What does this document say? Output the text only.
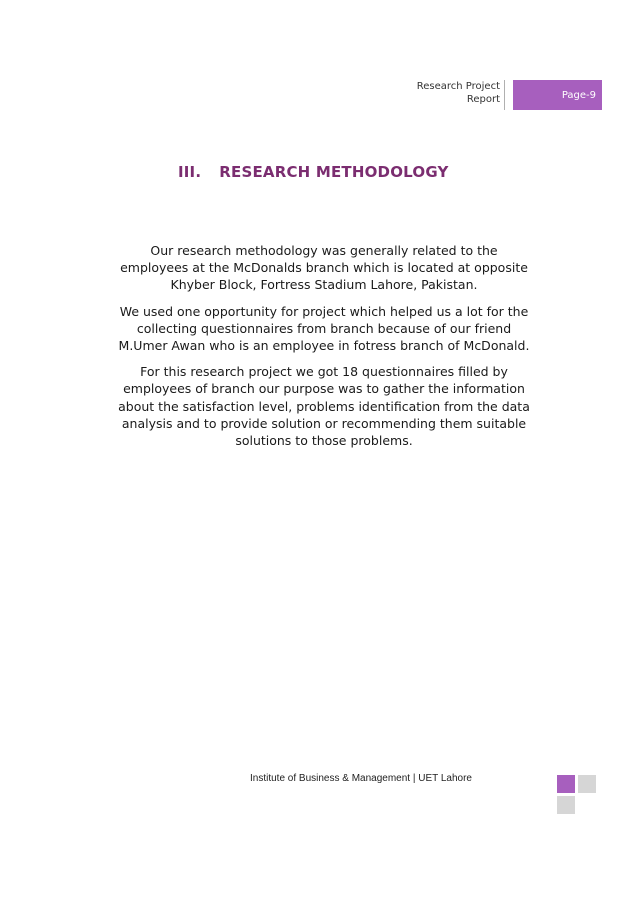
Research Project
Report	Page-9
III. RESEARCH METHODOLOGY

Our research methodology was generally related to the employees at the McDonalds branch which is located at opposite Khyber Block, Fortress Stadium Lahore, Pakistan.

We used one opportunity for project which helped us a lot for the collecting questionnaires from branch because of our friend M.Umer Awan who is an employee in fotress branch of McDonald.

For this research project we got 18 questionnaires filled by employees of branch our purpose was to gather the information about the satisfaction level, problems identification from the data analysis and to provide solution or recommending them suitable solutions to those problems.

Institute of Business & Management | UET Lahore
